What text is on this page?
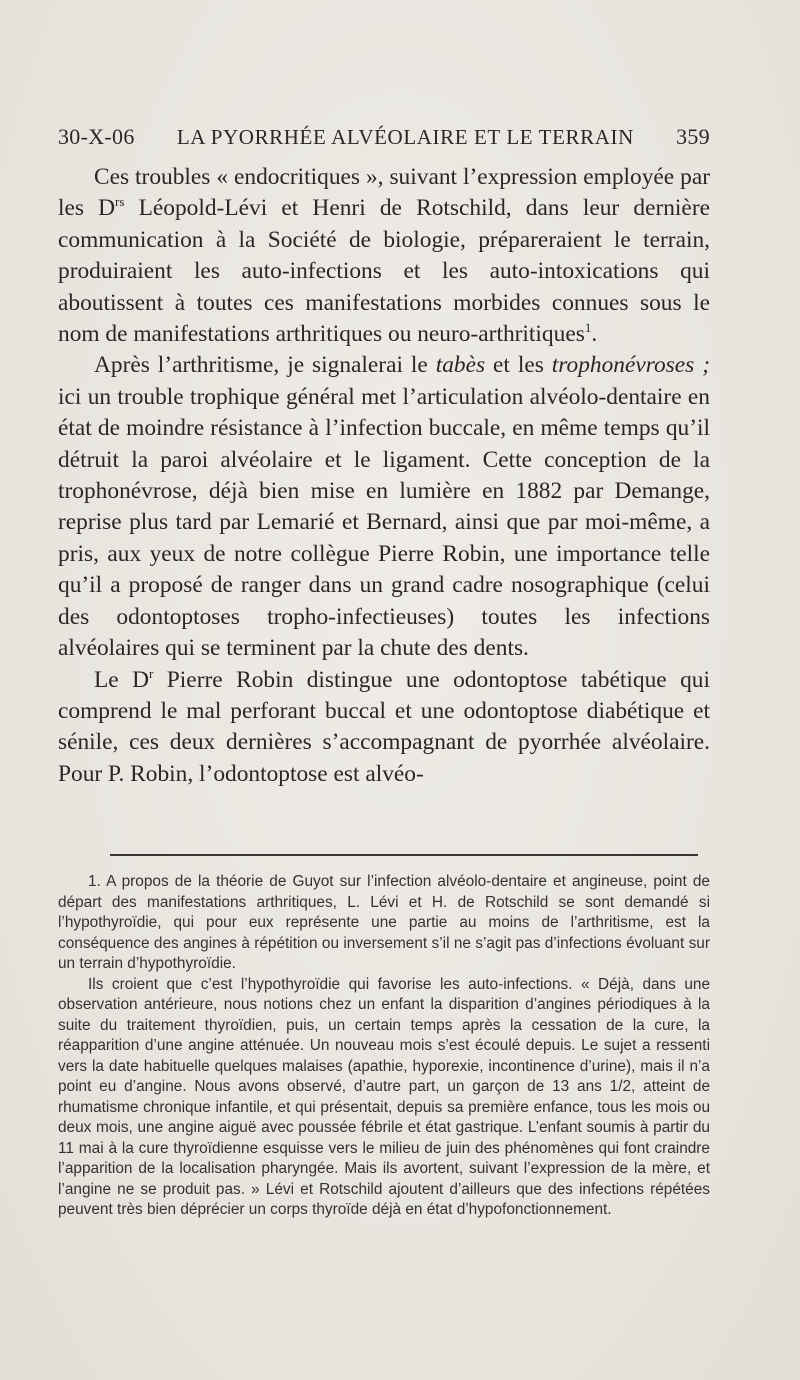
30-X-06 LA PYORRHÉE ALVÉOLAIRE ET LE TERRAIN 359

Ces troubles « endocritiques », suivant l’expression employée par les $D^{rs}$ Léopold-Lévi et Henri de Rotschild, dans leur dernière communication à la Société de biologie, prépareraient le terrain, produiraient les auto-infections et les auto-intoxications qui aboutissent à toutes ces manifestations morbides connues sous le nom de manifestations arthritiques ou neuro-arthritiques$^1$.

Après l’arthritisme, je signalerai le tabès et les trophonévroses ; ici un trouble trophique général met l’articulation alvéolo-dentaire en état de moindre résistance à l’infection buccale, en même temps qu’il détruit la paroi alvéolaire et le ligament. Cette conception de la trophonévrose, déjà bien mise en lumière en 1882 par Demange, reprise plus tard par Lemarié et Bernard, ainsi que par moi-même, a pris, aux yeux de notre collègue Pierre Robin, une importance telle qu’il a proposé de ranger dans un grand cadre nosographique (celui des odontoptoses tropho-infectieuses) toutes les infections alvéolaires qui se terminent par la chute des dents.

Le $D^r$ Pierre Robin distingue une odontoptose tabétique qui comprend le mal perforant buccal et une odontoptose diabétique et sénile, ces deux dernières s’accompagnant de pyorrhée alvéolaire. Pour P. Robin, l’odontoptose est alvéo-

1. A propos de la théorie de Guyot sur l’infection alvéolo-dentaire et angineuse, point de départ des manifestations arthritiques, L. Lévi et H. de Rotschild se sont demandé si l’hypothyroïdie, qui pour eux représente une partie au moins de l’arthritisme, est la conséquence des angines à répétition ou inversement s’il ne s’agit pas d’infections évoluant sur un terrain d’hypothyroïdie.

Ils croient que c’est l’hypothyroïdie qui favorise les auto-infections. « Déjà, dans une observation antérieure, nous notions chez un enfant la disparition d’angines périodiques à la suite du traitement thyroïdien, puis, un certain temps après la cessation de la cure, la réapparition d’une angine atténuée. Un nouveau mois s’est écoulé depuis. Le sujet a ressenti vers la date habituelle quelques malaises (apathie, hyporexie, incontinence d’urine), mais il n’a point eu d’angine. Nous avons observé, d’autre part, un garçon de 13 ans 1/2, atteint de rhumatisme chronique infantile, et qui présentait, depuis sa première enfance, tous les mois ou deux mois, une angine aiguë avec poussée fébrile et état gastrique. L’enfant soumis à partir du 11 mai à la cure thyroïdienne esquisse vers le milieu de juin des phénomènes qui font craindre l’apparition de la localisation pharyngée. Mais ils avortent, suivant l’expression de la mère, et l’angine ne se produit pas. » Lévi et Rotschild ajoutent d’ailleurs que des infections répétées peuvent très bien déprécier un corps thyroïde déjà en état d’hypofonctionnement.
